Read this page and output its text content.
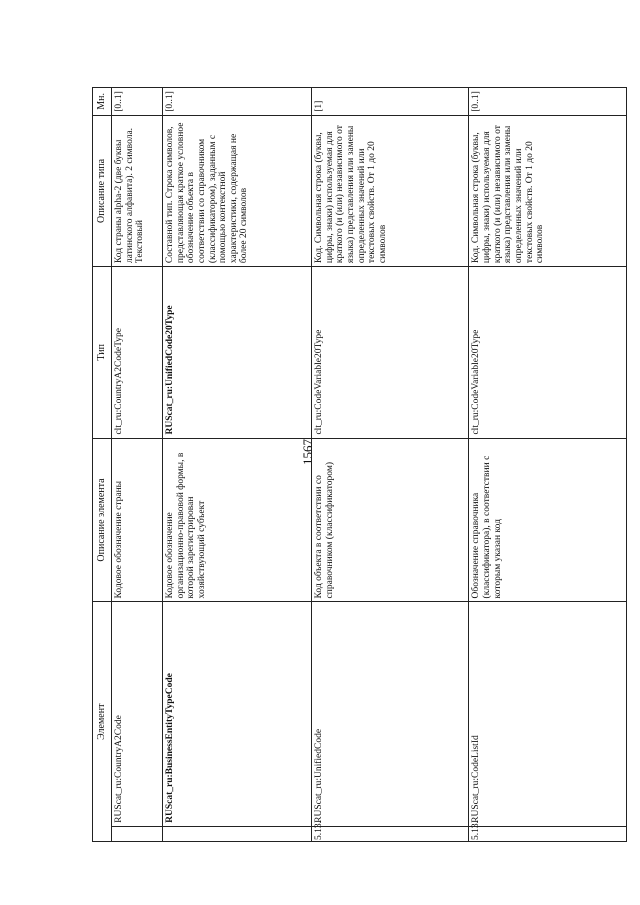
1567
Элемент		Описание элемента	Тип	Описание типа	Мн.
	RUScat_ru:CountryA2Code	Кодовое обозначение страны	clt_ru:CountryA2CodeType	Код страны alpha-2 (две буквы латинского алфавита). 2 символа. Текстовый	[0..1]
	RUScat_ru:BusinessEntityTypeCode	Кодовое обозначение организационно-правовой формы, в которой зарегистрирован хозяйствующий субъект	RUScat_ru:UnifiedCode20Type	Составной тип. Строка символов, представляющая краткое условное обозначение объекта в соответствии со справочником (классификатором), заданным с помощью контекстной характеристики, содержащая не более 20 символов	[0..1]
5.13.	RUScat_ru:UnifiedCode	Код объекта в соответствии со справочником (классификатором)	clt_ru:CodeVariable20Type	Код. Символьная строка (буквы, цифры, знаки) используемая для краткого (и (или) независимого от языка) представления или замены определенных значений или текстовых свойств. От 1 до 20 символов	[1]
5.13.	RUScat_ru:CodeListId	Обозначение справочника (классификатора), в соответствии с которым указан код	clt_ru:CodeVariable20Type	Код. Символьная строка (буквы, цифры, знаки) используемая для краткого (и (или) независимого от языка) представления или замены определенных значений или текстовых свойств. От 1 до 20 символов	[0..1]
